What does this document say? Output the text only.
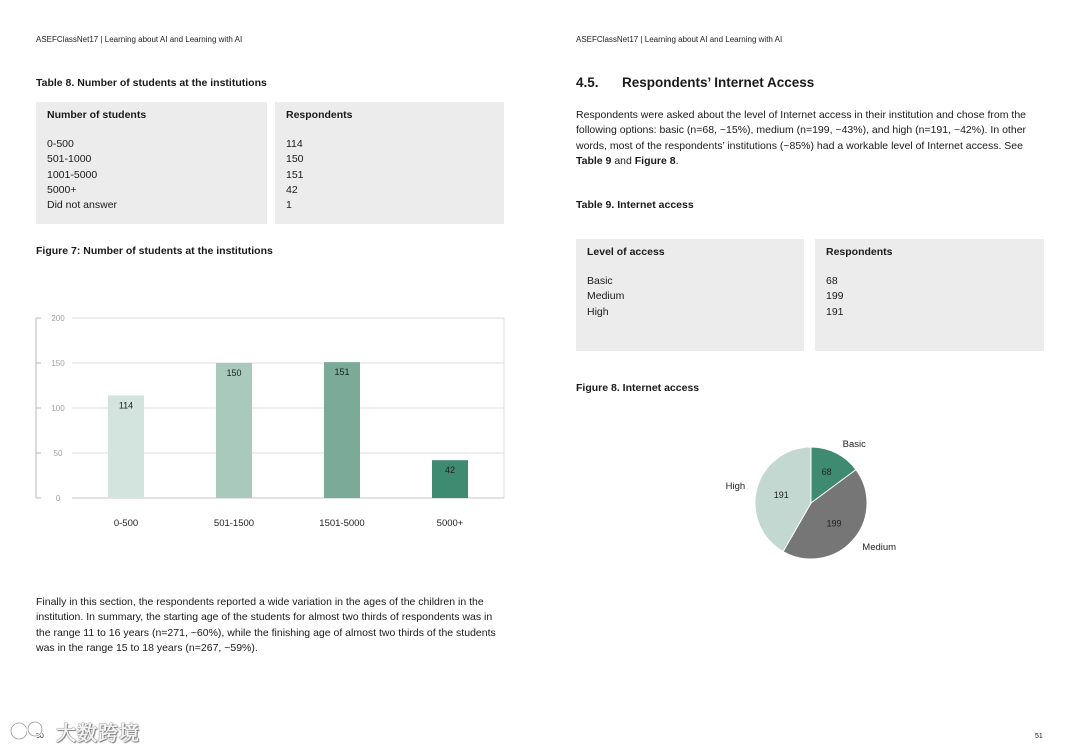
ASEFClassNet17 | Learning about AI and Learning with AI
Table 8. Number of students at the institutions
Number of students
0-500
501-1000
1001-5000
5000+
Did not answer
Respondents
114
150
151
42
1
Figure 7: Number of students at the institutions
0
50
100
150
200
114
0-500
150
501-1500
151
1501-5000
42
5000+
Finally in this section, the respondents reported a wide variation in the ages of the children in the institution. In summary, the starting age of the students for almost two thirds of respondents was in the range 11 to 16 years (n=271, ~60%), while the finishing age of almost two thirds of the students was in the range 15 to 18 years (n=267, ~59%).
50
ASEFClassNet17 | Learning about AI and Learning with AI
4.5. Respondents’ Internet Access
Respondents were asked about the level of Internet access in their institution and chose from the following options: basic (n=68, ~15%), medium (n=199, ~43%), and high (n=191, ~42%). In other words, most of the respondents’ institutions (~85%) had a workable level of Internet access. See Table 9 and Figure 8.
Table 9. Internet access
Level of access
Basic
Medium
High
Respondents
68
199
191
Figure 8. Internet access
68
Basic
199
Medium
191
High
51
大数跨境
